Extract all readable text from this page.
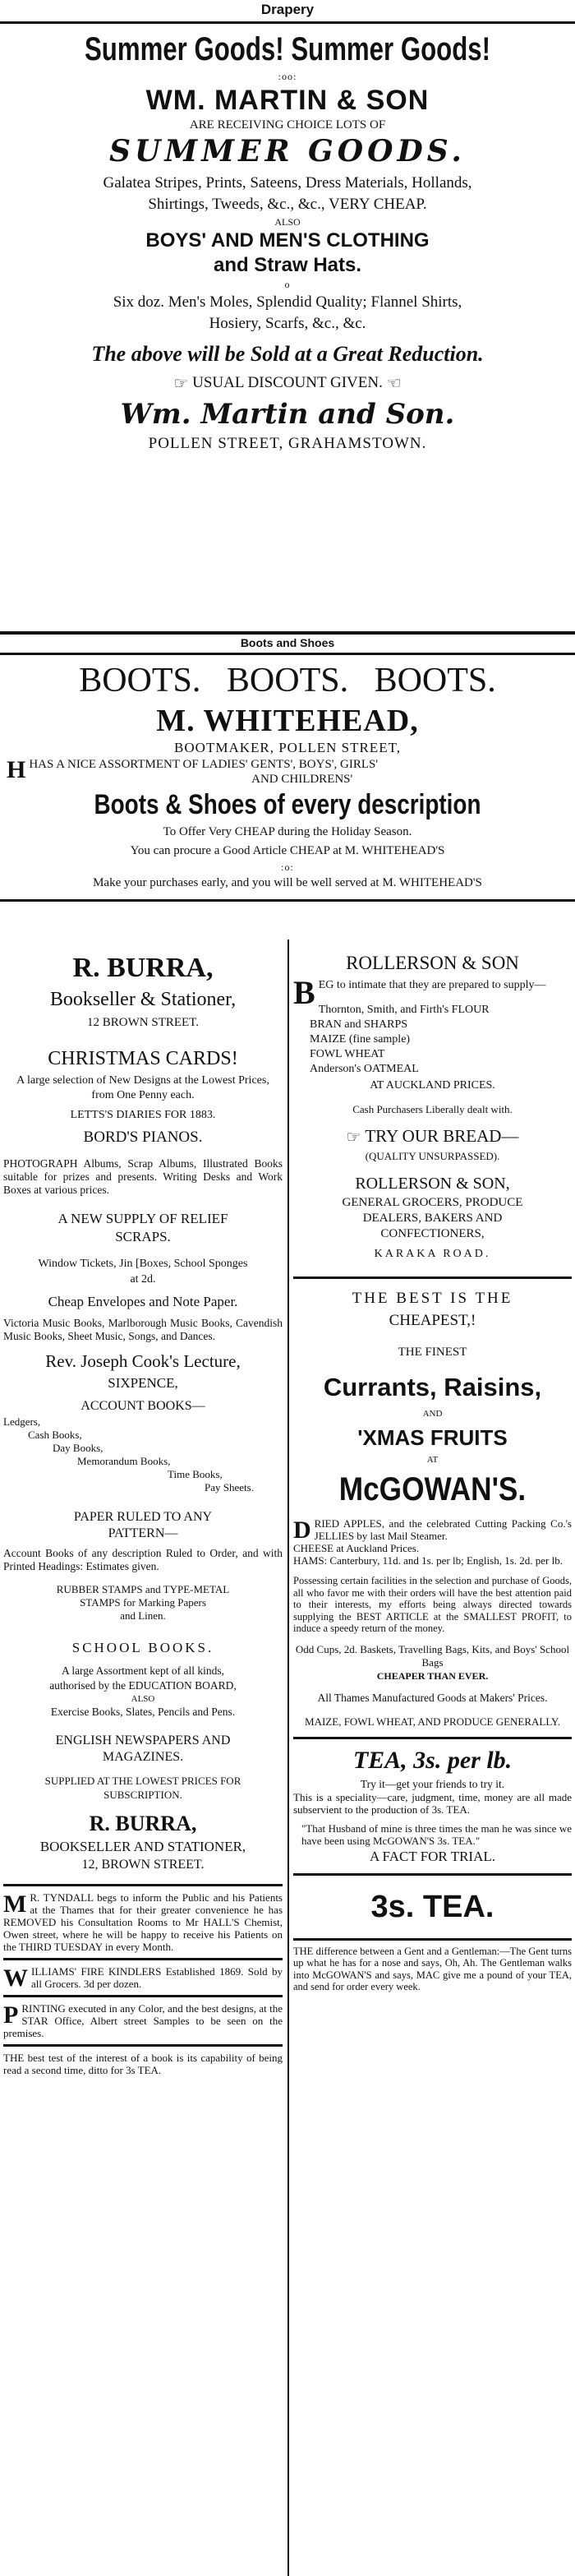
Drapery
Summer Goods! Summer Goods!
:oo:
WM. MARTIN & SON
ARE RECEIVING CHOICE LOTS OF
SUMMER GOODS.
Galatea Stripes, Prints, Sateens, Dress Materials, Hollands,
Shirtings, Tweeds, &c., &c., VERY CHEAP.
ALSO
BOYS' AND MEN'S CLOTHING
and Straw Hats.
o
Six doz. Men's Moles, Splendid Quality; Flannel Shirts,
Hosiery, Scarfs, &c., &c.
The above will be Sold at a Great Reduction.
☞ USUAL DISCOUNT GIVEN. ☜
Wm. Martin and Son.
POLLEN STREET, GRAHAMSTOWN.
Boots and Shoes
BOOTS.   BOOTS.   BOOTS.
M. WHITEHEAD,
BOOTMAKER, POLLEN STREET,
HHAS A NICE ASSORTMENT OF LADIES' GENTS', BOYS', GIRLS'
AND CHILDRENS'
Boots & Shoes of every description
To Offer Very CHEAP during the Holiday Season.
You can procure a Good Article CHEAP at M. WHITEHEAD'S
:o:
Make your purchases early, and you will be well served at M. WHITEHEAD'S
R. BURRA,
Bookseller & Stationer,
12 BROWN STREET.
CHRISTMAS CARDS!
A large selection of New Designs at the Lowest Prices, from One Penny each.
LETTS'S DIARIES FOR 1883.
BORD'S PIANOS.
PHOTOGRAPH Albums, Scrap Albums, Illustrated Books suitable for prizes and presents. Writing Desks and Work Boxes at various prices.
A NEW SUPPLY OF RELIEF
SCRAPS.
Window Tickets, Jin [Boxes, School Sponges
at 2d.
Cheap Envelopes and Note Paper.
Victoria Music Books, Marlborough Music Books, Cavendish Music Books, Sheet Music, Songs, and Dances.
Rev. Joseph Cook's Lecture,
SIXPENCE,
ACCOUNT BOOKS—
Ledgers,
Cash Books,
Day Books,
Memorandum Books,
Time Books,
Pay Sheets.
PAPER RULED TO ANY
PATTERN—
Account Books of any description Ruled to Order, and with Printed Headings: Estimates given.
RUBBER STAMPS and TYPE-METAL
STAMPS for Marking Papers
and Linen.
SCHOOL BOOKS.
A large Assortment kept of all kinds,
authorised by the EDUCATION BOARD,
ALSO
Exercise Books, Slates, Pencils and Pens.
ENGLISH NEWSPAPERS AND
MAGAZINES.
SUPPLIED AT THE LOWEST PRICES FOR
SUBSCRIPTION.
R. BURRA,
BOOKSELLER AND STATIONER,
12, BROWN STREET.
M R. TYNDALL begs to inform the Public and his Patients at the Thames that for their greater convenience he has REMOVED his Consultation Rooms to Mr HALL'S Chemist, Owen street, where he will be happy to receive his Patients on the THIRD TUESDAY in every Month.
WILLIAMS' FIRE KINDLERS Established 1869. Sold by all Grocers. 3d per dozen.
PRINTING executed in any Color, and the best designs, at the STAR Office, Albert street Samples to be seen on the premises.
THE best test of the interest of a book is its capability of being read a second time, ditto for 3s TEA.
ROLLERSON & SON
BEG to intimate that they are prepared to supply—
Thornton, Smith, and Firth's FLOUR
BRAN and SHARPS
MAIZE (fine sample)
FOWL WHEAT
Anderson's OATMEAL
AT AUCKLAND PRICES.
Cash Purchasers Liberally dealt with.
☞ TRY OUR BREAD—
(QUALITY UNSURPASSED).
ROLLERSON & SON,
GENERAL GROCERS, PRODUCE
DEALERS, BAKERS AND
CONFECTIONERS,
KARAKA ROAD.
THE BEST IS THE
CHEAPEST,!
THE FINEST
Currants, Raisins,
AND
'XMAS FRUITS
AT
McGOWAN'S.
DRIED APPLES, and the celebrated Cutting Packing Co.'s JELLIES by last Mail Steamer.
CHEESE at Auckland Prices.
HAMS: Canterbury, 11d. and 1s. per lb; English, 1s. 2d. per lb.
Possessing certain facilities in the selection and purchase of Goods, all who favor me with their orders will have the best attention paid to their interests, my efforts being always directed towards supplying the BEST ARTICLE at the SMALLEST PROFIT, to induce a speedy return of the money.
Odd Cups, 2d. Baskets, Travelling Bags, Kits, and Boys' School Bags
CHEAPER THAN EVER.
All Thames Manufactured Goods at Makers' Prices.
MAIZE, FOWL WHEAT, AND PRODUCE GENERALLY.
TEA, 3s. per lb.
Try it—get your friends to try it.
This is a speciality—care, judgment, time, money are all made subservient to the production of 3s. TEA.
"That Husband of mine is three times the man he was since we have been using McGOWAN'S 3s. TEA."
A FACT FOR TRIAL.
3s. TEA.
THE difference between a Gent and a Gentleman:—The Gent turns up what he has for a nose and says, Oh, Ah. The Gentleman walks into McGOWAN'S and says, MAC give me a pound of your TEA, and send for order every week.
